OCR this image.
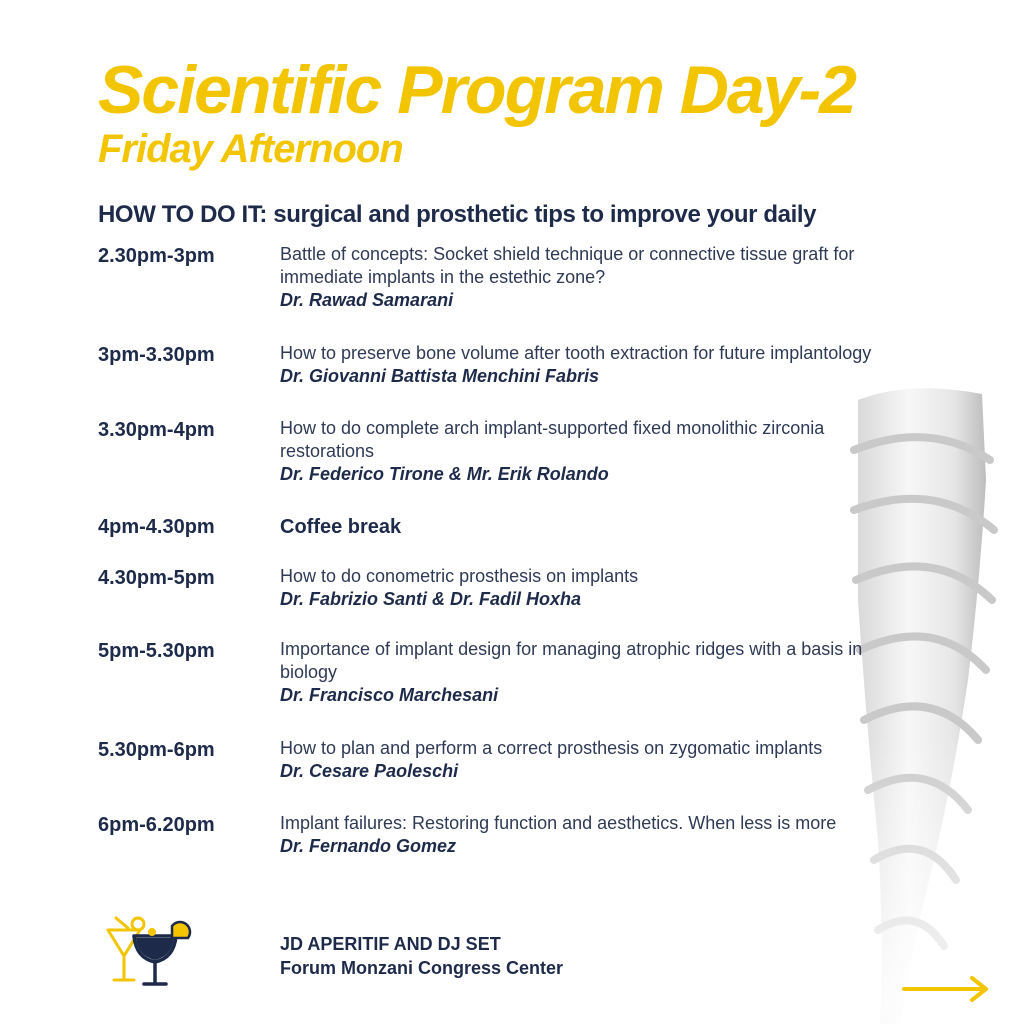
Scientific Program Day-2
Friday Afternoon
HOW TO DO IT: surgical and prosthetic tips to improve your daily
2.30pm-3pm	Battle of concepts: Socket shield technique or connective tissue graft for immediate implants in the estethic zone?
Dr. Rawad Samarani
3pm-3.30pm	How to preserve bone volume after tooth extraction for future implantology
Dr. Giovanni Battista Menchini Fabris
3.30pm-4pm	How to do complete arch implant-supported fixed monolithic zirconia restorations
Dr. Federico Tirone & Mr. Erik Rolando
4pm-4.30pm	Coffee break
4.30pm-5pm	How to do conometric prosthesis on implants
Dr. Fabrizio Santi & Dr. Fadil Hoxha
5pm-5.30pm	Importance of implant design for managing atrophic ridges with a basis in biology
Dr. Francisco Marchesani
5.30pm-6pm	How to plan and perform a correct prosthesis on zygomatic implants
Dr. Cesare Paoleschi
6pm-6.20pm	Implant failures: Restoring function and aesthetics. When less is more
Dr. Fernando Gomez
JD APERITIF AND DJ SET
Forum Monzani Congress Center
